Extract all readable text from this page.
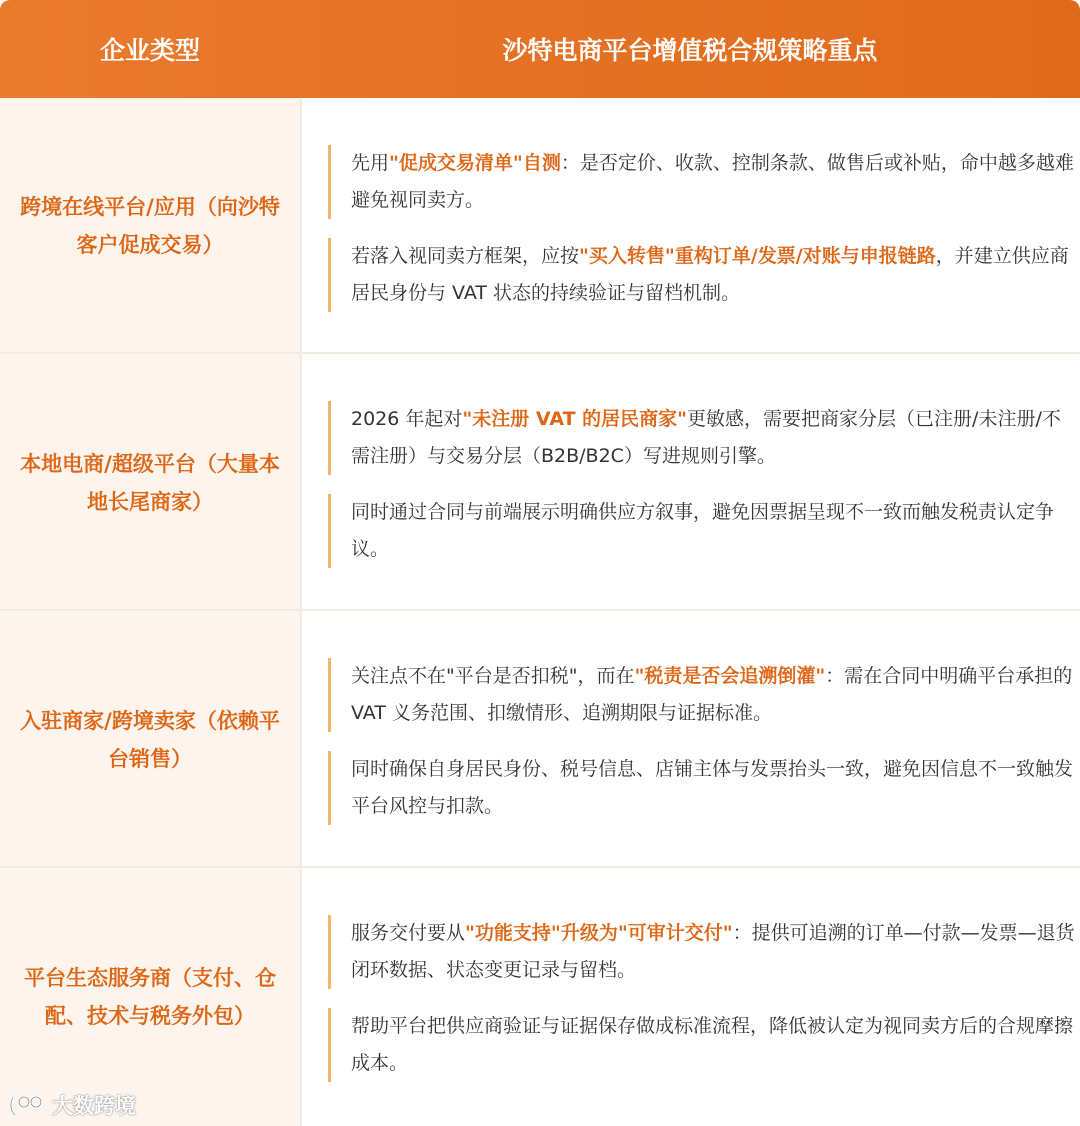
企业类型	沙特电商平台增值税合规策略重点
跨境在线平台/应用（向沙特客户促成交易）
先用"促成交易清单"自测：是否定价、收款、控制条款、做售后或补贴，命中越多越难避免视同卖方。
若落入视同卖方框架，应按"买入转售"重构订单/发票/对账与申报链路，并建立供应商居民身份与 VAT 状态的持续验证与留档机制。
本地电商/超级平台（大量本地长尾商家）
2026 年起对"未注册 VAT 的居民商家"更敏感，需要把商家分层（已注册/未注册/不需注册）与交易分层（B2B/B2C）写进规则引擎。
同时通过合同与前端展示明确供应方叙事，避免因票据呈现不一致而触发税责认定争议。
入驻商家/跨境卖家（依赖平台销售）
关注点不在"平台是否扣税"，而在"税责是否会追溯倒灌"：需在合同中明确平台承担的 VAT 义务范围、扣缴情形、追溯期限与证据标准。
同时确保自身居民身份、税号信息、店铺主体与发票抬头一致，避免因信息不一致触发平台风控与扣款。
平台生态服务商（支付、仓配、技术与税务外包）
服务交付要从"功能支持"升级为"可审计交付"：提供可追溯的订单—付款—发票—退货闭环数据、状态变更记录与留档。
帮助平台把供应商验证与证据保存做成标准流程，降低被认定为视同卖方后的合规摩擦成本。
大数跨境
